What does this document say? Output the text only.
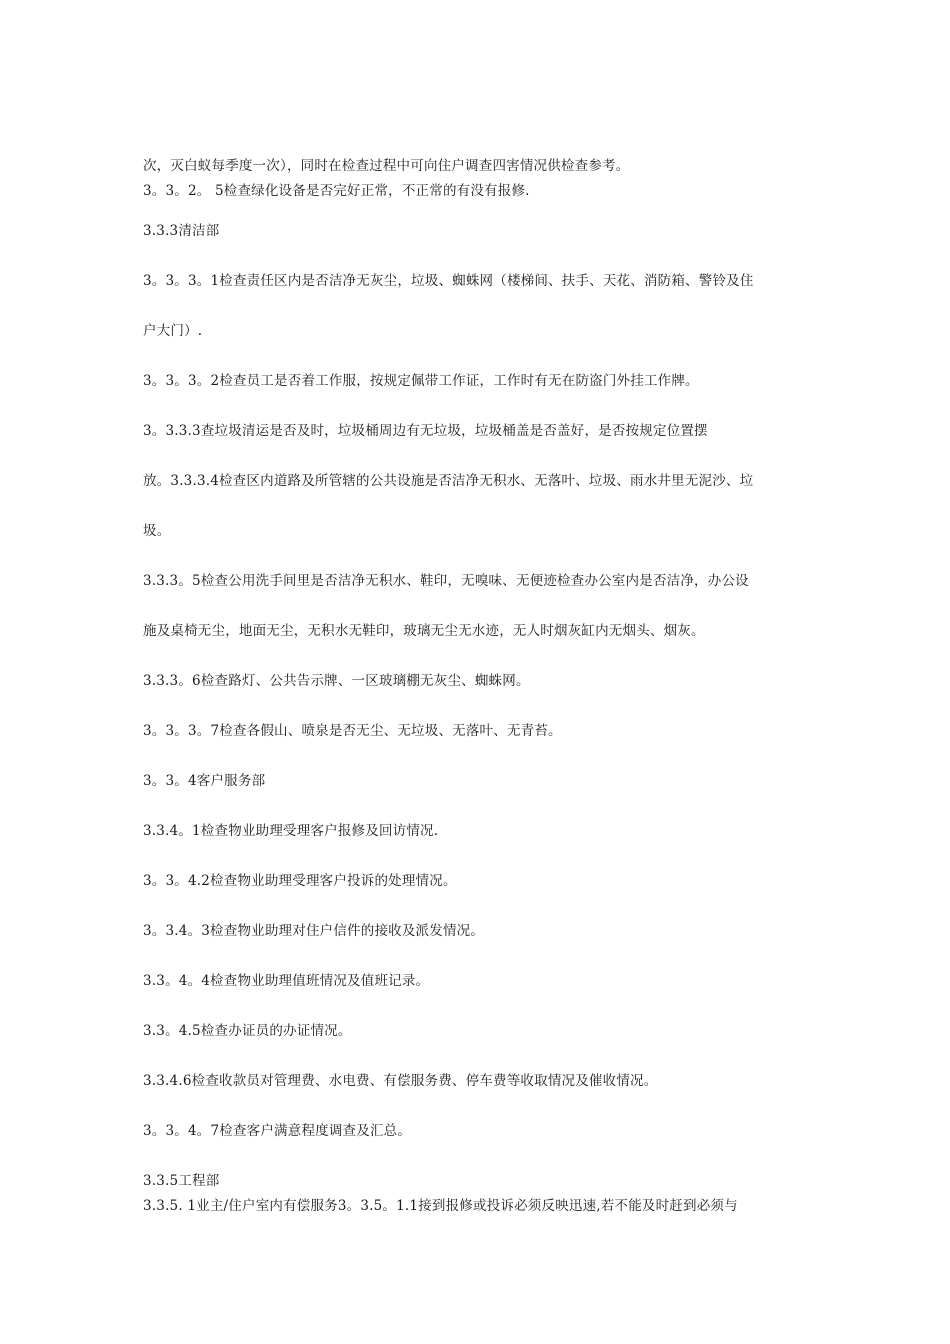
次，灭白蚁每季度一次），同时在检查过程中可向住户调查四害情况供检查参考。
3。3。2。 5检查绿化设备是否完好正常，不正常的有没有报修.
3.3.3清洁部
3。3。3。1检查责任区内是否洁净无灰尘，垃圾、蜘蛛网（楼梯间、扶手、天花、消防箱、警铃及住
户大门）.
3。3。3。2检查员工是否着工作服，按规定佩带工作证，工作时有无在防盗门外挂工作牌。
3。3.3.3查垃圾清运是否及时，垃圾桶周边有无垃圾，垃圾桶盖是否盖好，是否按规定位置摆
放。3.3.3.4检查区内道路及所管辖的公共设施是否洁净无积水、无落叶、垃圾、雨水井里无泥沙、垃
圾。
3.3.3。5检查公用洗手间里是否洁净无积水、鞋印，无嗅味、无便迹检查办公室内是否洁净，办公设
施及桌椅无尘，地面无尘，无积水无鞋印，玻璃无尘无水迹，无人时烟灰缸内无烟头、烟灰。
3.3.3。6检查路灯、公共告示牌、一区玻璃棚无灰尘、蜘蛛网。
3。3。3。7检查各假山、喷泉是否无尘、无垃圾、无落叶、无青苔。
3。3。4客户服务部
3.3.4。1检查物业助理受理客户报修及回访情况.
3。3。4.2检查物业助理受理客户投诉的处理情况。
3。3.4。3检查物业助理对住户信件的接收及派发情况。
3.3。4。4检查物业助理值班情况及值班记录。
3.3。4.5检查办证员的办证情况。
3.3.4.6检查收款员对管理费、水电费、有偿服务费、停车费等收取情况及催收情况。
3。3。4。7检查客户满意程度调查及汇总。
3.3.5工程部
3.3.5. 1业主/住户室内有偿服务3。3.5。1.1接到报修或投诉必须反映迅速,若不能及时赶到必须与
